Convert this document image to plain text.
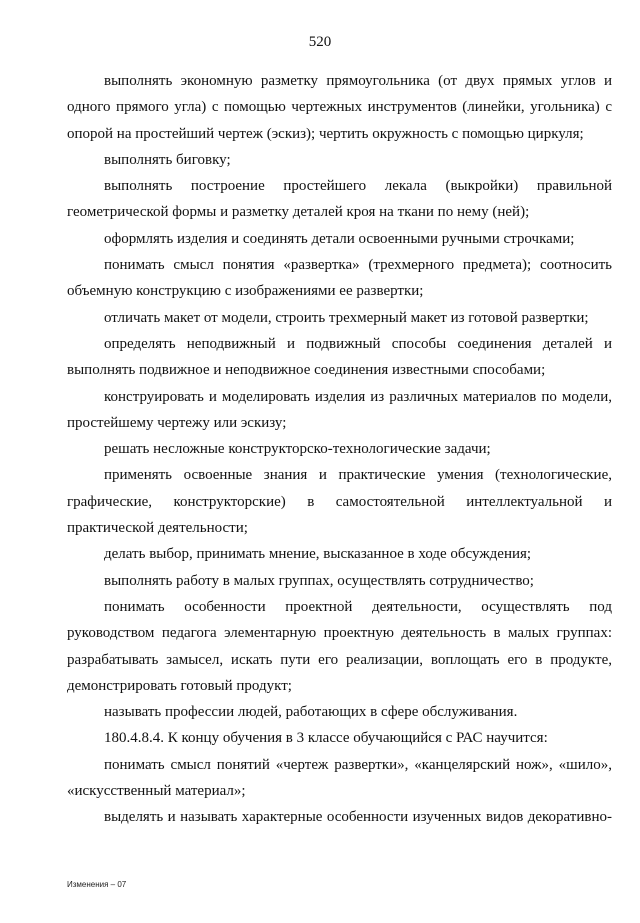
520

выполнять экономную разметку прямоугольника (от двух прямых углов и одного прямого угла) с помощью чертежных инструментов (линейки, угольника) с опорой на простейший чертеж (эскиз); чертить окружность с помощью циркуля;

выполнять биговку;

выполнять построение простейшего лекала (выкройки) правильной геометрической формы и разметку деталей кроя на ткани по нему (ней);

оформлять изделия и соединять детали освоенными ручными строчками;

понимать смысл понятия «развертка» (трехмерного предмета); соотносить объемную конструкцию с изображениями ее развертки;

отличать макет от модели, строить трехмерный макет из готовой развертки;

определять неподвижный и подвижный способы соединения деталей и выполнять подвижное и неподвижное соединения известными способами;

конструировать и моделировать изделия из различных материалов по модели, простейшему чертежу или эскизу;

решать несложные конструкторско-технологические задачи;

применять освоенные знания и практические умения (технологические, графические, конструкторские) в самостоятельной интеллектуальной и практической деятельности;

делать выбор, принимать мнение, высказанное в ходе обсуждения;

выполнять работу в малых группах, осуществлять сотрудничество;

понимать особенности проектной деятельности, осуществлять под руководством педагога элементарную проектную деятельность в малых группах: разрабатывать замысел, искать пути его реализации, воплощать его в продукте, демонстрировать готовый продукт;

называть профессии людей, работающих в сфере обслуживания.

180.4.8.4. К концу обучения в 3 классе обучающийся с РАС научится:

понимать смысл понятий «чертеж развертки», «канцелярский нож», «шило», «искусственный материал»;

выделять и называть характерные особенности изученных видов декоративно-

Изменения – 07
